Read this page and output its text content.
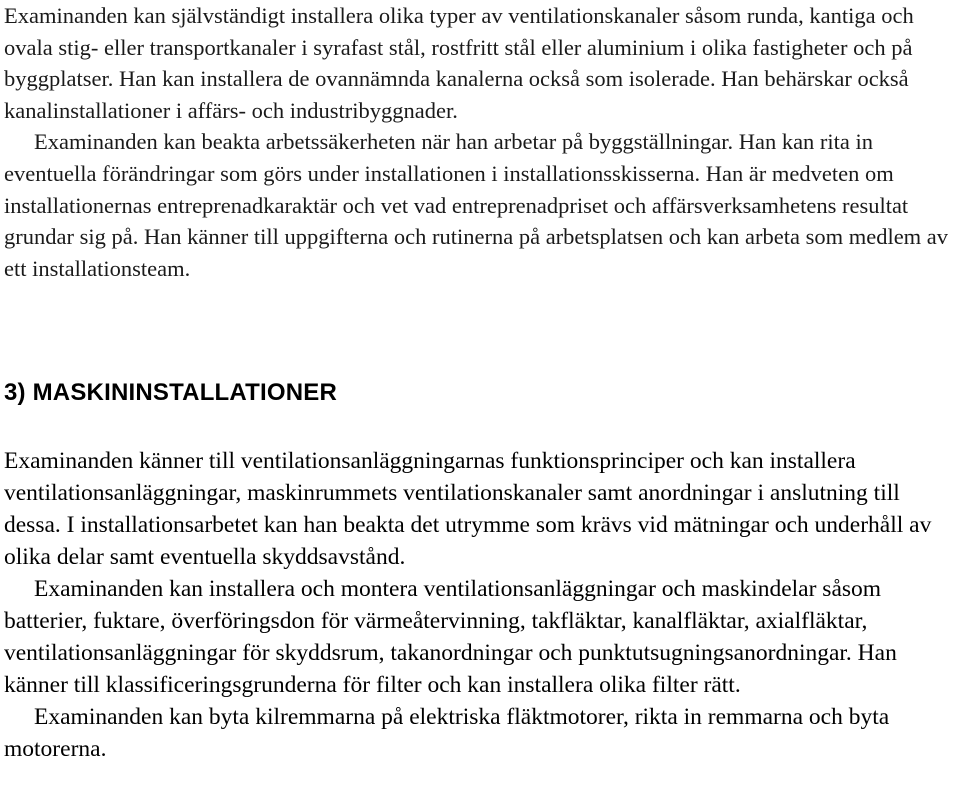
Examinanden kan självständigt installera olika typer av ventilationskanaler såsom runda, kantiga och ovala stig- eller transportkanaler i syrafast stål, rostfritt stål eller aluminium i olika fastigheter och på byggplatser. Han kan installera de ovannämnda kanalerna också som isolerade. Han behärskar också kanalinstallationer i affärs- och industribyggnader.

Examinanden kan beakta arbetssäkerheten när han arbetar på byggställningar. Han kan rita in eventuella förändringar som görs under installationen i installationsskisserna. Han är medveten om installationernas entreprenadkaraktär och vet vad entreprenadpriset och affärsverksamhetens resultat grundar sig på. Han känner till uppgifterna och rutinerna på arbetsplatsen och kan arbeta som medlem av ett installationsteam.

3) MASKININSTALLATIONER

Examinanden känner till ventilationsanläggningarnas funktionsprinciper och kan installera ventilationsanläggningar, maskinrummets ventilationskanaler samt anordningar i anslutning till dessa. I installationsarbetet kan han beakta det utrymme som krävs vid mätningar och underhåll av olika delar samt eventuella skyddsavstånd.

Examinanden kan installera och montera ventilationsanläggningar och maskindelar såsom batterier, fuktare, överföringsdon för värmeåtervinning, takfläktar, kanalfläktar, axialfläktar, ventilationsanläggningar för skyddsrum, takanordningar och punktutsugningsanordningar. Han känner till klassificeringsgrunderna för filter och kan installera olika filter rätt.

Examinanden kan byta kilremmarna på elektriska fläktmotorer, rikta in remmarna och byta motorerna.
